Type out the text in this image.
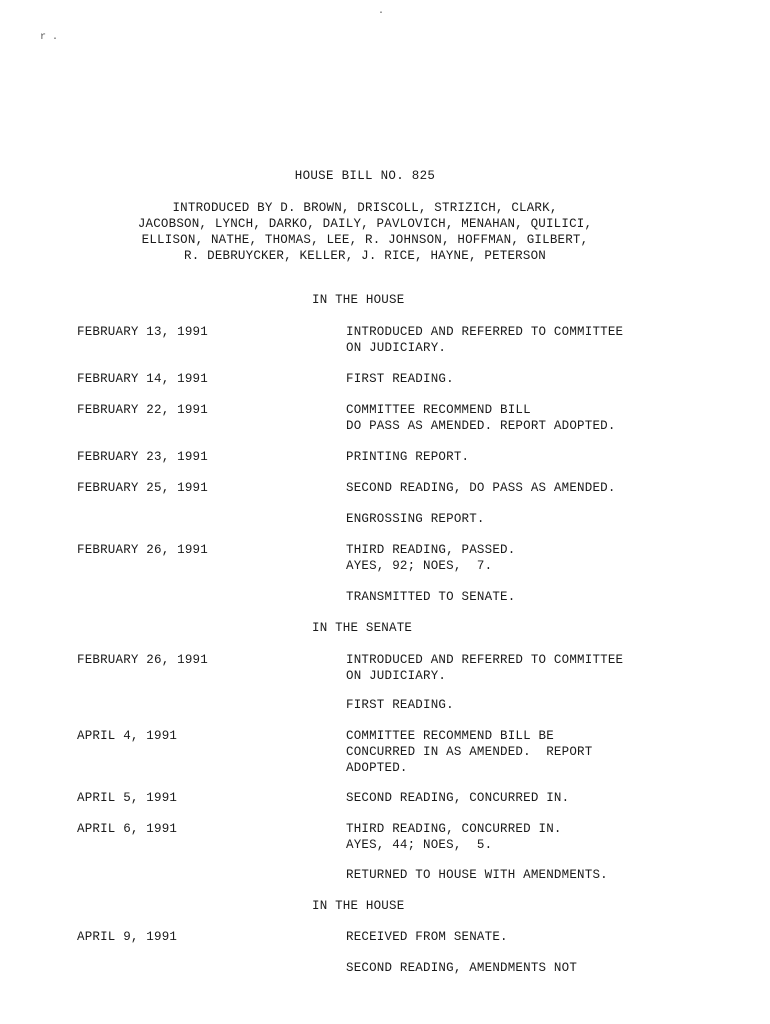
r .
.
HOUSE BILL NO. 825
INTRODUCED BY D. BROWN, DRISCOLL, STRIZICH, CLARK,
JACOBSON, LYNCH, DARKO, DAILY, PAVLOVICH, MENAHAN, QUILICI,
ELLISON, NATHE, THOMAS, LEE, R. JOHNSON, HOFFMAN, GILBERT,
R. DEBRUYCKER, KELLER, J. RICE, HAYNE, PETERSON
IN THE HOUSE
FEBRUARY 13, 1991	INTRODUCED AND REFERRED TO COMMITTEE
ON JUDICIARY.
FEBRUARY 14, 1991	FIRST READING.
FEBRUARY 22, 1991	COMMITTEE RECOMMEND BILL
DO PASS AS AMENDED. REPORT ADOPTED.
FEBRUARY 23, 1991	PRINTING REPORT.
FEBRUARY 25, 1991	SECOND READING, DO PASS AS AMENDED.
ENGROSSING REPORT.
FEBRUARY 26, 1991	THIRD READING, PASSED.
AYES, 92; NOES,  7.
TRANSMITTED TO SENATE.
IN THE SENATE
FEBRUARY 26, 1991	INTRODUCED AND REFERRED TO COMMITTEE
ON JUDICIARY.
FIRST READING.
APRIL 4, 1991	COMMITTEE RECOMMEND BILL BE
CONCURRED IN AS AMENDED.  REPORT
ADOPTED.
APRIL 5, 1991	SECOND READING, CONCURRED IN.
APRIL 6, 1991	THIRD READING, CONCURRED IN.
AYES, 44; NOES,  5.
RETURNED TO HOUSE WITH AMENDMENTS.
IN THE HOUSE
APRIL 9, 1991	RECEIVED FROM SENATE.
SECOND READING, AMENDMENTS NOT
